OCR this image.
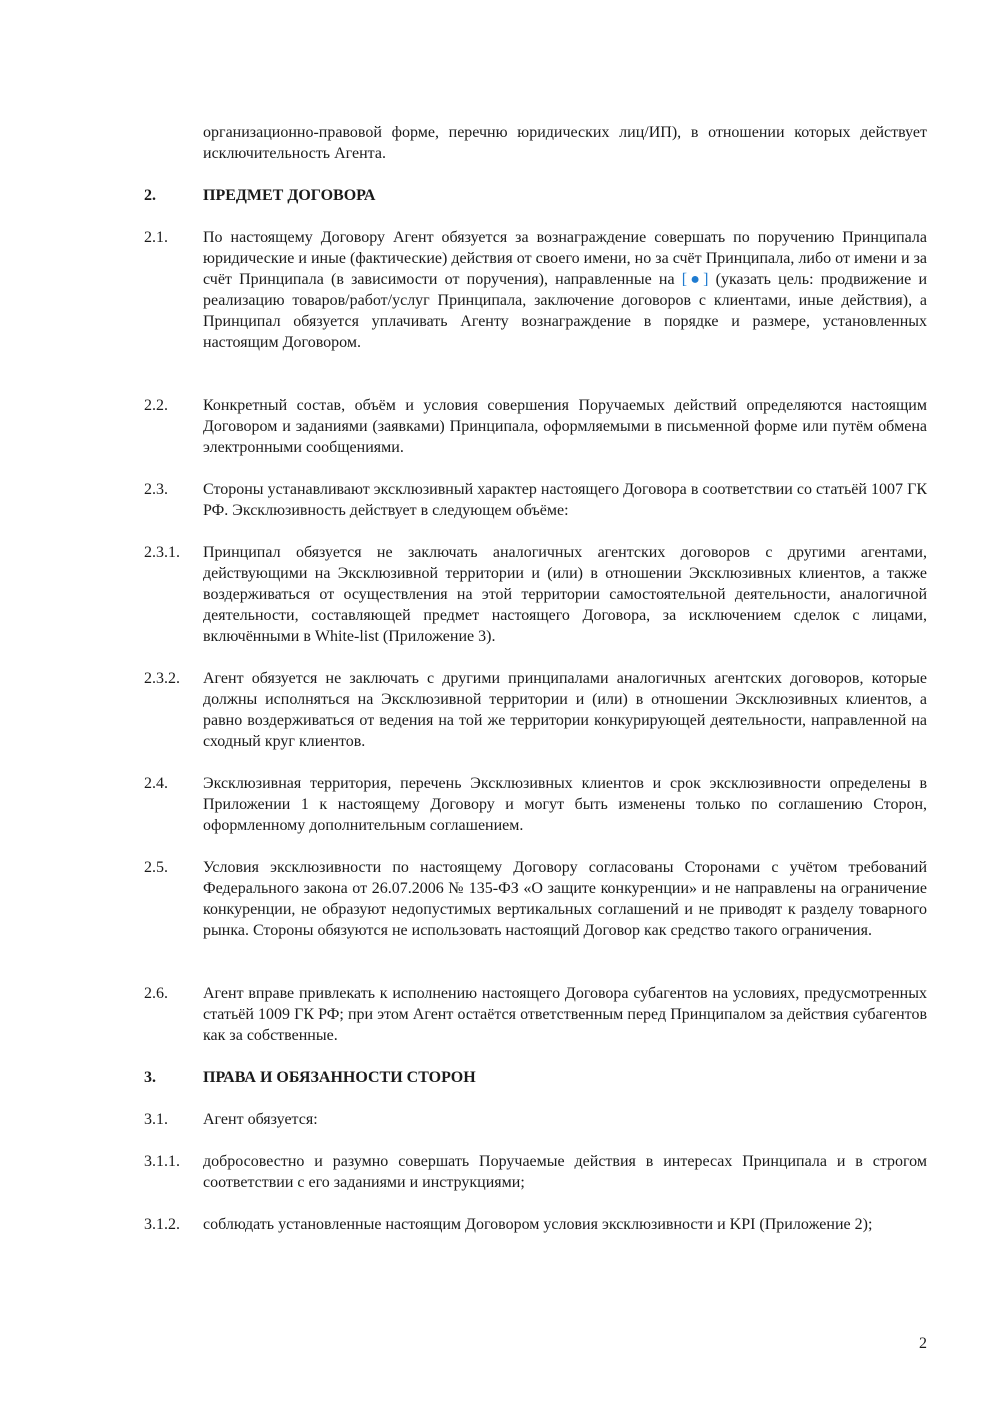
организационно-правовой форме, перечню юридических лиц/ИП), в отношении которых действует исключительность Агента.
2.	ПРЕДМЕТ ДОГОВОРА
2.1.	По настоящему Договору Агент обязуется за вознаграждение совершать по поручению Принципала юридические и иные (фактические) действия от своего имени, но за счёт Принципала, либо от имени и за счёт Принципала (в зависимости от поручения), направленные на [●] (указать цель: продвижение и реализацию товаров/работ/услуг Принципала, заключение договоров с клиентами, иные действия), а Принципал обязуется уплачивать Агенту вознаграждение в порядке и размере, установленных настоящим Договором.
2.2.	Конкретный состав, объём и условия совершения Поручаемых действий определяются настоящим Договором и заданиями (заявками) Принципала, оформляемыми в письменной форме или путём обмена электронными сообщениями.
2.3.	Стороны устанавливают эксклюзивный характер настоящего Договора в соответствии со статьёй 1007 ГК РФ. Эксклюзивность действует в следующем объёме:
2.3.1.	Принципал обязуется не заключать аналогичных агентских договоров с другими агентами, действующими на Эксклюзивной территории и (или) в отношении Эксклюзивных клиентов, а также воздерживаться от осуществления на этой территории самостоятельной деятельности, аналогичной деятельности, составляющей предмет настоящего Договора, за исключением сделок с лицами, включёнными в White-list (Приложение 3).
2.3.2.	Агент обязуется не заключать с другими принципалами аналогичных агентских договоров, которые должны исполняться на Эксклюзивной территории и (или) в отношении Эксклюзивных клиентов, а равно воздерживаться от ведения на той же территории конкурирующей деятельности, направленной на сходный круг клиентов.
2.4.	Эксклюзивная территория, перечень Эксклюзивных клиентов и срок эксклюзивности определены в Приложении 1 к настоящему Договору и могут быть изменены только по соглашению Сторон, оформленному дополнительным соглашением.
2.5.	Условия эксклюзивности по настоящему Договору согласованы Сторонами с учётом требований Федерального закона от 26.07.2006 № 135-ФЗ «О защите конкуренции» и не направлены на ограничение конкуренции, не образуют недопустимых вертикальных соглашений и не приводят к разделу товарного рынка. Стороны обязуются не использовать настоящий Договор как средство такого ограничения.
2.6.	Агент вправе привлекать к исполнению настоящего Договора субагентов на условиях, предусмотренных статьёй 1009 ГК РФ; при этом Агент остаётся ответственным перед Принципалом за действия субагентов как за собственные.
3.	ПРАВА И ОБЯЗАННОСТИ СТОРОН
3.1.	Агент обязуется:
3.1.1.	добросовестно и разумно совершать Поручаемые действия в интересах Принципала и в строгом соответствии с его заданиями и инструкциями;
3.1.2.	соблюдать установленные настоящим Договором условия эксклюзивности и KPI (Приложение 2);
2
